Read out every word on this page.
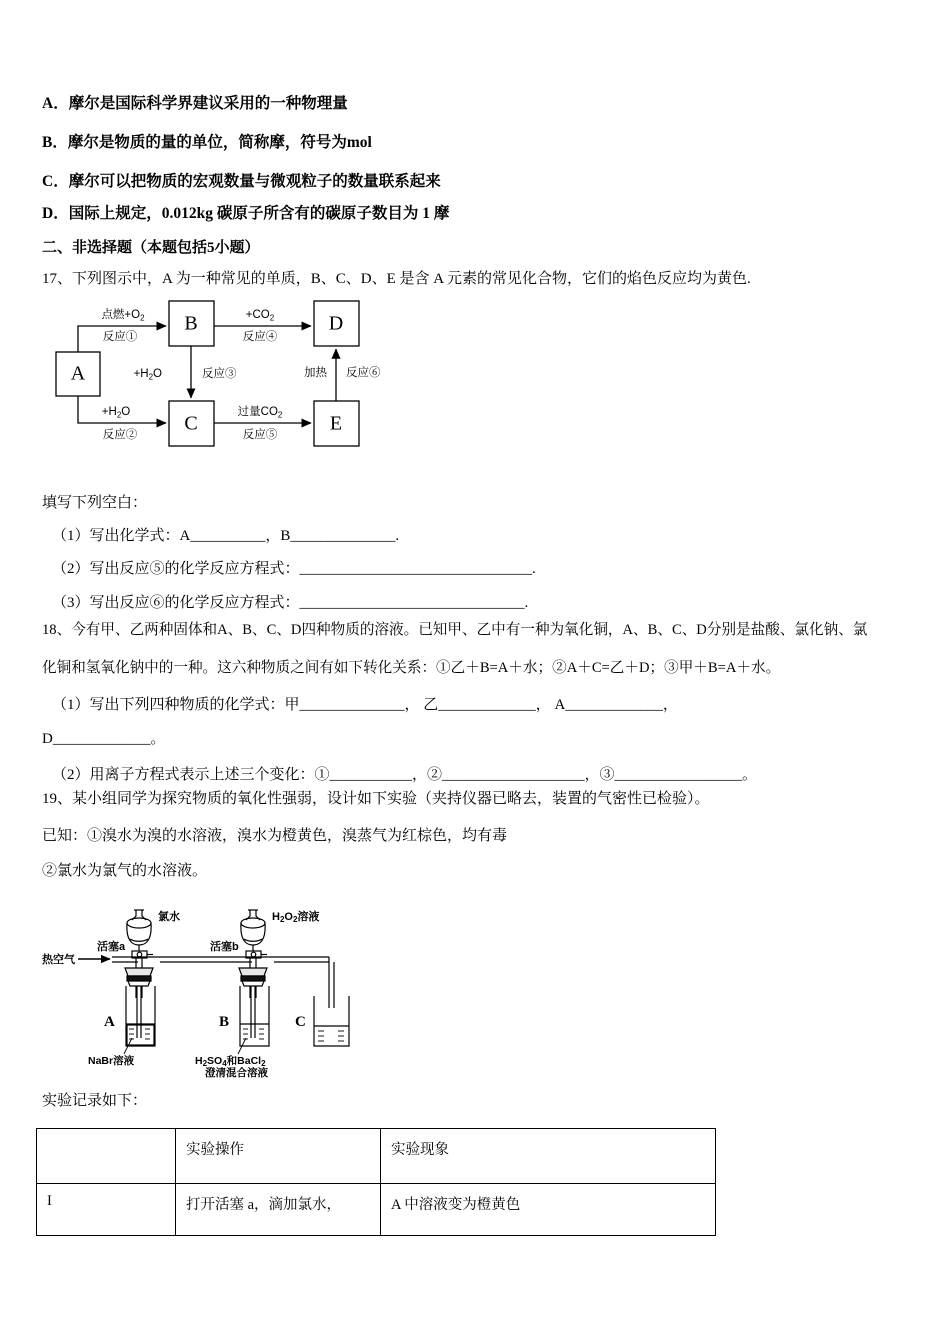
A．摩尔是国际科学界建议采用的一种物理量
B．摩尔是物质的量的单位，简称摩，符号为mol
C．摩尔可以把物质的宏观数量与微观粒子的数量联系起来
D．国际上规定，0.012kg 碳原子所含有的碳原子数目为 1 摩
二、非选择题（本题包括5小题）
17、下列图示中，A 为一种常见的单质，B、C、D、E 是含 A 元素的常见化合物，它们的焰色反应均为黄色.
A
B
C
D
E
点燃$+O_2$
反应①
$+H_2O$
反应②
$+H_2O$	反应③
$+CO_2$
反应④
过量$CO_2$
反应⑤
加热 反应⑥
填写下列空白：
（1）写出化学式：A__________，B______________.
（2）写出反应⑤的化学反应方程式：_______________________________.
（3）写出反应⑥的化学反应方程式：______________________________.
18、今有甲、乙两种固体和A、B、C、D四种物质的溶液。已知甲、乙中有一种为氧化铜，A、B、C、D分别是盐酸、氯化钠、氯
化铜和氢氧化钠中的一种。这六种物质之间有如下转化关系：①乙＋B=A＋水；②A＋C=乙＋D；③甲＋B=A＋水。
（1）写出下列四种物质的化学式：甲______________， 乙_____________， A_____________，
D_____________。
（2）用离子方程式表示上述三个变化：①___________，②___________________，③_________________。
19、某小组同学为探究物质的氧化性强弱，设计如下实验（夹持仪器已略去，装置的气密性已检验）。
已知：①溴水为溴的水溶液，溴水为橙黄色，溴蒸气为红棕色，均有毒
②氯水为氯气的水溶液。
热空气
活塞a	活塞b
氯水	H2O2溶液
A	B	C
NaBr溶液	H2SO4和BaCl2
澄清混合溶液
实验记录如下：
	实验操作	实验现象
I	打开活塞 a，滴加氯水，	A 中溶液变为橙黄色
